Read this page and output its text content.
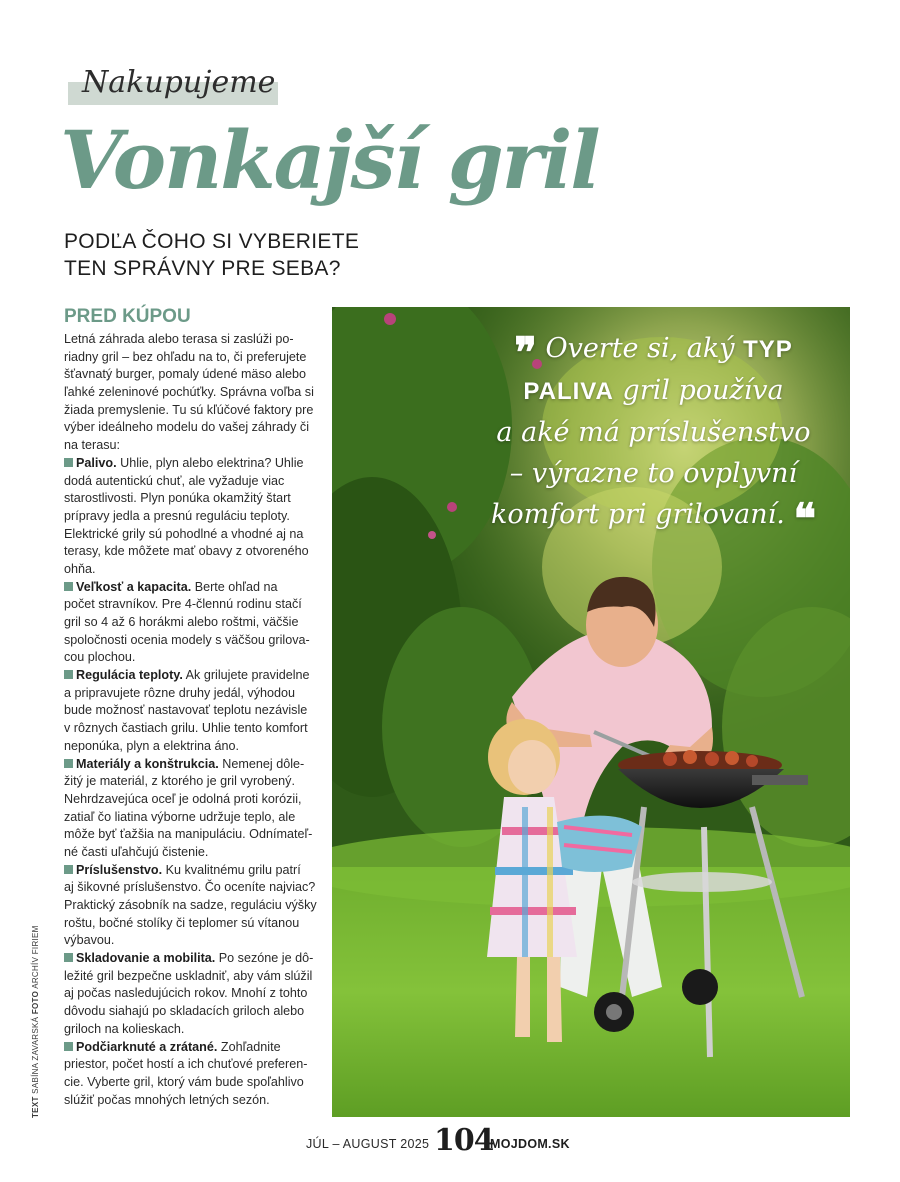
Nakupujeme
Vonkajší gril
PODĽA ČOHO SI VYBERIETE
TEN SPRÁVNY PRE SEBA?
PRED KÚPOU
Letná záhrada alebo terasa si zaslúži po-
riadny gril – bez ohľadu na to, či preferujete
šťavnatý burger, pomaly údené mäso alebo
ľahké zeleninové pochúťky. Správna voľba si
žiada premyslenie. Tu sú kľúčové faktory pre
výber ideálneho modelu do vašej záhrady či
na terasu:
Palivo. Uhlie, plyn alebo elektrina? Uhlie
dodá autentickú chuť, ale vyžaduje viac
starostlivosti. Plyn ponúka okamžitý štart
prípravy jedla a presnú reguláciu teploty.
Elektrické grily sú pohodlné a vhodné aj na
terasy, kde môžete mať obavy z otvoreného
ohňa.
Veľkosť a kapacita. Berte ohľad na
počet stravníkov. Pre 4-člennú rodinu stačí
gril so 4 až 6 horákmi alebo roštmi, väčšie
spoločnosti ocenia modely s väčšou grilova-
cou plochou.
Regulácia teploty. Ak grilujete pravidelne
a pripravujete rôzne druhy jedál, výhodou
bude možnosť nastavovať teplotu nezávisle
v rôznych častiach grilu. Uhlie tento komfort
neponúka, plyn a elektrina áno.
Materiály a konštrukcia. Nemenej dôle-
žitý je materiál, z ktorého je gril vyrobený.
Nehrdzavejúca oceľ je odolná proti korózii,
zatiaľ čo liatina výborne udržuje teplo, ale
môže byť ťažšia na manipuláciu. Odnímateľ-
né časti uľahčujú čistenie.
Príslušenstvo. Ku kvalitnému grilu patrí
aj šikovné príslušenstvo. Čo oceníte najviac?
Praktický zásobník na sadze, reguláciu výšky
roštu, bočné stolíky či teplomer sú vítanou
výbavou.
Skladovanie a mobilita. Po sezóne je dô-
ležité gril bezpečne uskladniť, aby vám slúžil
aj počas nasledujúcich rokov. Mnohí z tohto
dôvodu siahajú po skladacích griloch alebo
griloch na kolieskach.
Podčiarknuté a zrátané. Zohľadnite
priestor, počet hostí a ich chuťové preferen-
cie. Vyberte gril, ktorý vám bude spoľahlivo
slúžiť počas mnohých letných sezón.
TEXT SABÍNA ZAVARSKÁ FOTO ARCHÍV FIRIEM
❞ Overte si, aký TYP
PALIVA gril používa
a aké má príslušenstvo
– výrazne to ovplyvní
komfort pri grilovaní. ❝
JÚL – AUGUST 2025 104
MOJDOM.SK
